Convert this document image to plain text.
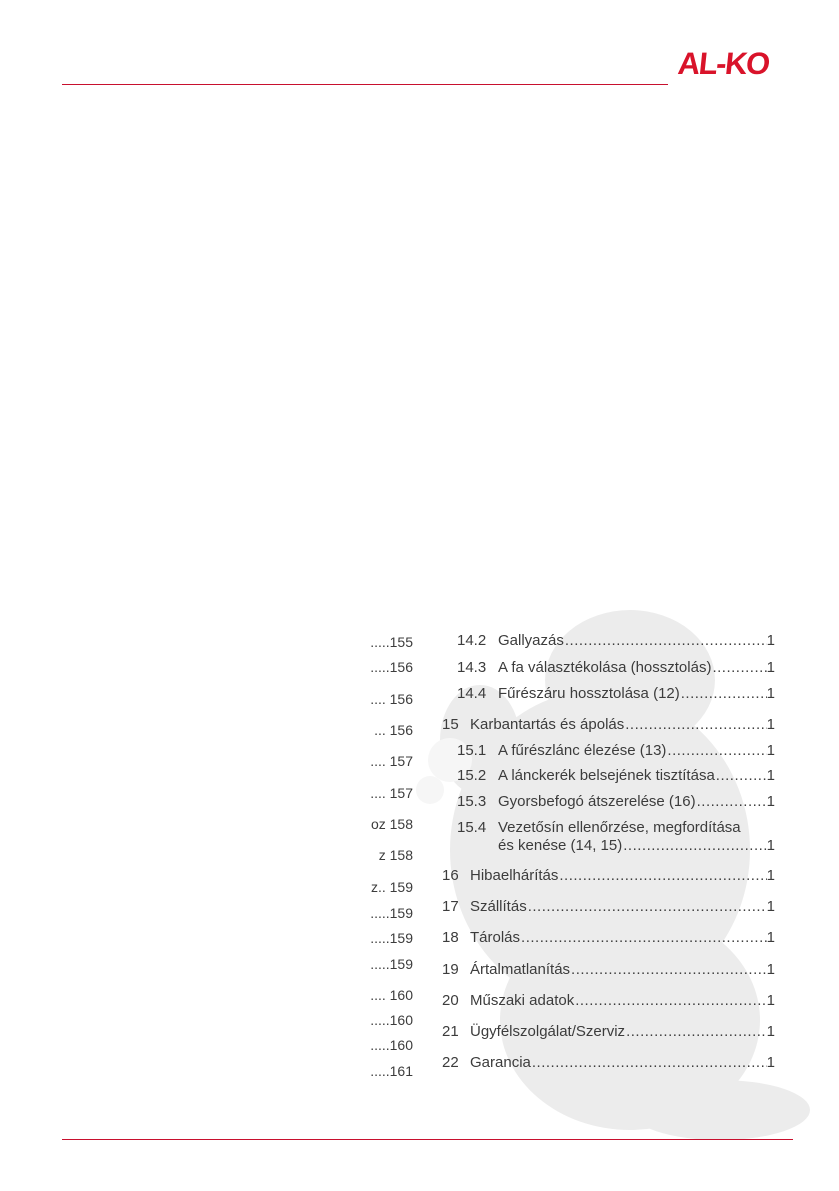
AL-KO
.....155
.....156
.... 156
... 156
.... 157
.... 157
oz 158
z 158
z.. 159
.....159
.....159
.....159
.... 160
.....160
.....160
.....161
14.2 Gallyazás .....	1
14.3 A fa választékolása (hossztolás) .....	1
14.4 Fűrészáru hossztolása (12) .....	1
15 Karbantartás és ápolás .....	1
15.1 A fűrészlánc élezése (13) .....	1
15.2 A lánckerék belsejének tisztítása .....	1
15.3 Gyorsbefogó átszerelése (16) .....	1
15.4 Vezetősín ellenőrzése, megfordítása
és kenése (14, 15) .....	1
16 Hibaelhárítás .....	1
17 Szállítás .....	1
18 Tárolás .....	1
19 Ártalmatlanítás .....	1
20 Műszaki adatok .....	1
21 Ügyfélszolgálat/Szerviz .....	1
22 Garancia .....	1
